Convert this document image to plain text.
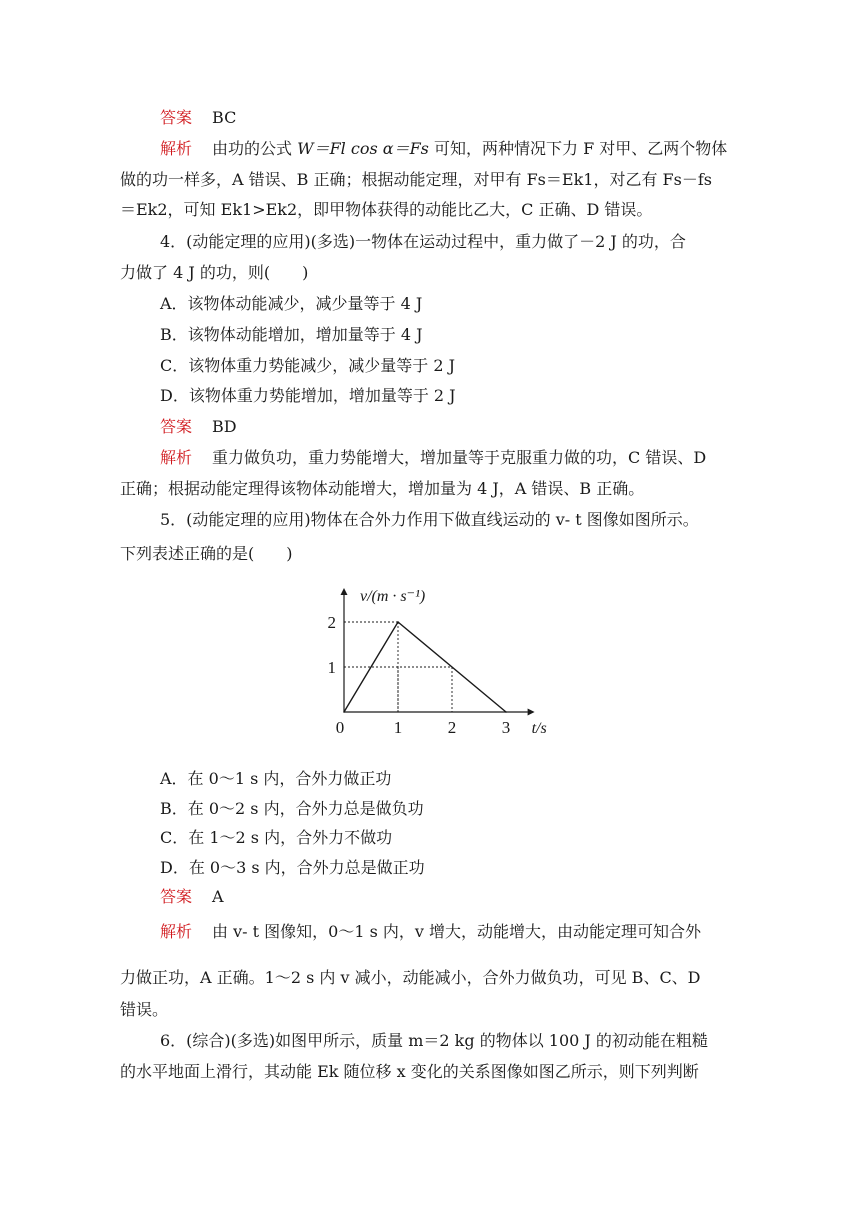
答案 BC
解析 由功的公式 W＝Fl cos α＝Fs 可知，两种情况下力 F 对甲、乙两个物体
做的功一样多，A 错误、B 正确；根据动能定理，对甲有 Fs＝Ek1，对乙有 Fs－fs
＝Ek2，可知 Ek1>Ek2，即甲物体获得的动能比乙大，C 正确、D 错误。
4．(动能定理的应用)(多选)一物体在运动过程中，重力做了－2 J 的功，合
力做了 4 J 的功，则(　　)
A．该物体动能减少，减少量等于 4 J
B．该物体动能增加，增加量等于 4 J
C．该物体重力势能减少，减少量等于 2 J
D．该物体重力势能增加，增加量等于 2 J
答案 BD
解析 重力做负功，重力势能增大，增加量等于克服重力做的功，C 错误、D
正确；根据动能定理得该物体动能增大，增加量为 4 J，A 错误、B 正确。
5．(动能定理的应用)物体在合外力作用下做直线运动的 v- t 图像如图所示。
下列表述正确的是(　　)
0	1	2	3
1
2
v/(m · s⁻¹)
t/s
A．在 0～1 s 内，合外力做正功
B．在 0～2 s 内，合外力总是做负功
C．在 1～2 s 内，合外力不做功
D．在 0～3 s 内，合外力总是做正功
答案 A
解析 由 v- t 图像知，0～1 s 内，v 增大，动能增大，由动能定理可知合外
力做正功，A 正确。1～2 s 内 v 减小，动能减小，合外力做负功，可见 B、C、D
错误。
6．(综合)(多选)如图甲所示，质量 m＝2 kg 的物体以 100 J 的初动能在粗糙
的水平地面上滑行，其动能 Ek 随位移 x 变化的关系图像如图乙所示，则下列判断
